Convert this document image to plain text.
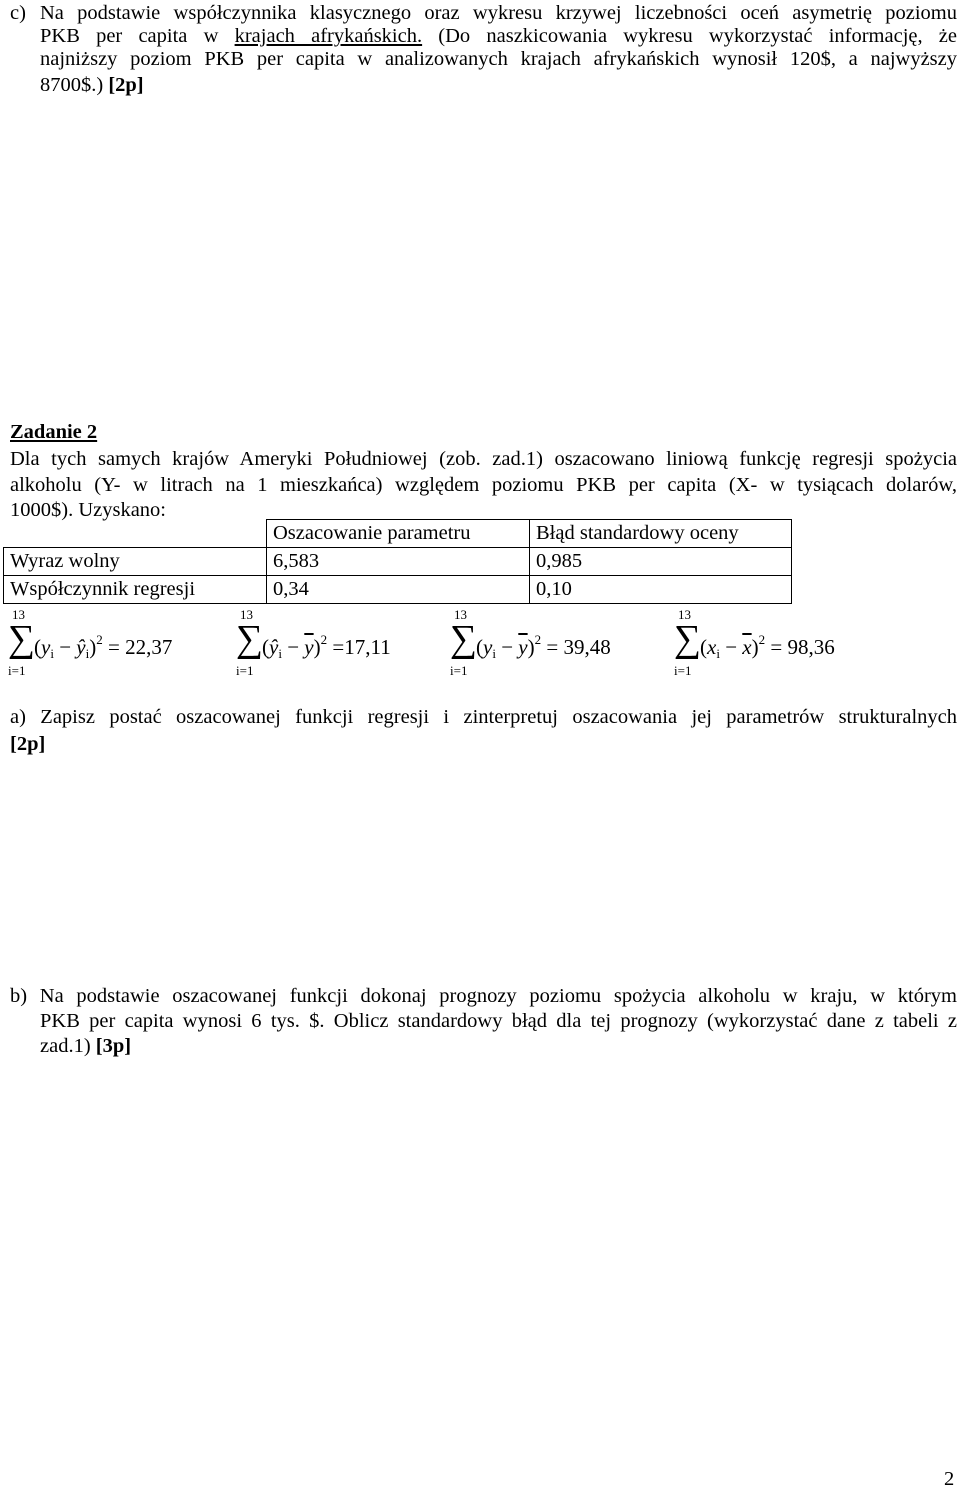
c) Na podstawie współczynnika klasycznego oraz wykresu krzywej liczebności oceń asymetrię poziomu
PKB per capita w krajach afrykańskich. (Do naszkicowania wykresu wykorzystać informację, że
najniższy poziom PKB per capita w analizowanych krajach afrykańskich wynosił 120$, a najwyższy
8700$.) [2p]
Zadanie 2
Dla tych samych krajów Ameryki Południowej (zob. zad.1) oszacowano liniową funkcję regresji spożycia
alkoholu (Y- w litrach na 1 mieszkańca) względem poziomu PKB per capita (X- w tysiącach dolarów,
1000$). Uzyskano:
	Oszacowanie parametru	Błąd standardowy oceny
Wyraz wolny	6,583	0,985
Współczynnik regresji	0,34	0,10
13
∑
i=1
($y_i$ − $ŷ_i)^2 = 22,37$
13
∑
i=1
$(ŷ_i - \overline{y})^2 =17,11$
13
∑
i=1
$(y_i - \overline{y})^2 = 39,48$
13
∑
i=1
$(x_i - \overline{x})^2 = 98,36$
a) Zapisz postać oszacowanej funkcji regresji i zinterpretuj oszacowania jej parametrów strukturalnych
[2p]
b) Na podstawie oszacowanej funkcji dokonaj prognozy poziomu spożycia alkoholu w kraju, w którym
PKB per capita wynosi 6 tys. $. Oblicz standardowy błąd dla tej prognozy (wykorzystać dane z tabeli z
zad.1) [3p]
2
